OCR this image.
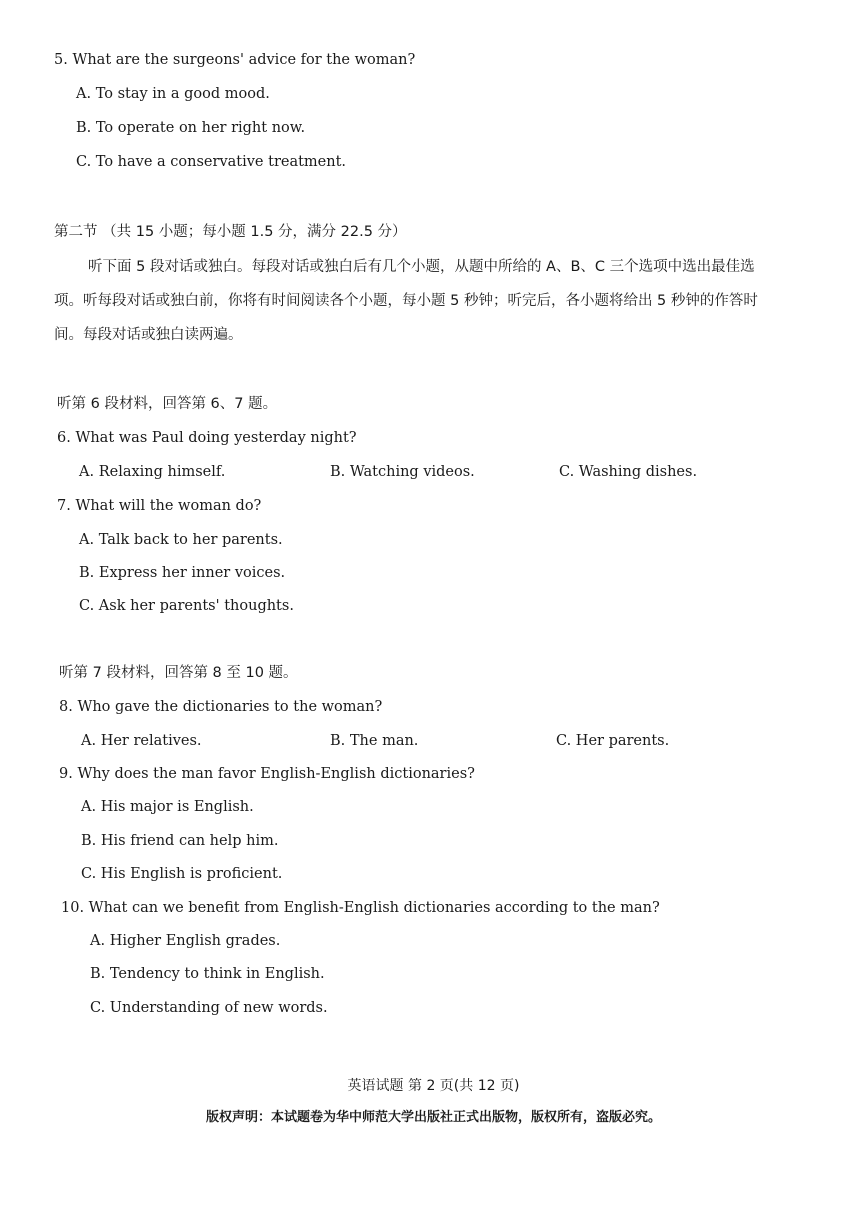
5. What are the surgeons' advice for the woman?
A. To stay in a good mood.
B. To operate on her right now.
C. To have a conservative treatment.
第二节 （共 15 小题；每小题 1.5 分，满分 22.5 分）
听下面 5 段对话或独白。每段对话或独白后有几个小题，从题中所给的 A、B、C 三个选项中选出最佳选
项。听每段对话或独白前，你将有时间阅读各个小题，每小题 5 秒钟；听完后，各小题将给出 5 秒钟的作答时
间。每段对话或独白读两遍。
听第 6 段材料，回答第 6、7 题。
6. What was Paul doing yesterday night?
A. Relaxing himself.	B. Watching videos.	C. Washing dishes.
7. What will the woman do?
A. Talk back to her parents.
B. Express her inner voices.
C. Ask her parents' thoughts.
听第 7 段材料，回答第 8 至 10 题。
8. Who gave the dictionaries to the woman?
A. Her relatives.	B. The man.	C. Her parents.
9. Why does the man favor English-English dictionaries?
A. His major is English.
B. His friend can help him.
C. His English is proficient.
10. What can we benefit from English-English dictionaries according to the man?
A. Higher English grades.
B. Tendency to think in English.
C. Understanding of new words.
英语试题 第 2 页(共 12 页)
版权声明：本试题卷为华中师范大学出版社正式出版物，版权所有，盗版必究。
